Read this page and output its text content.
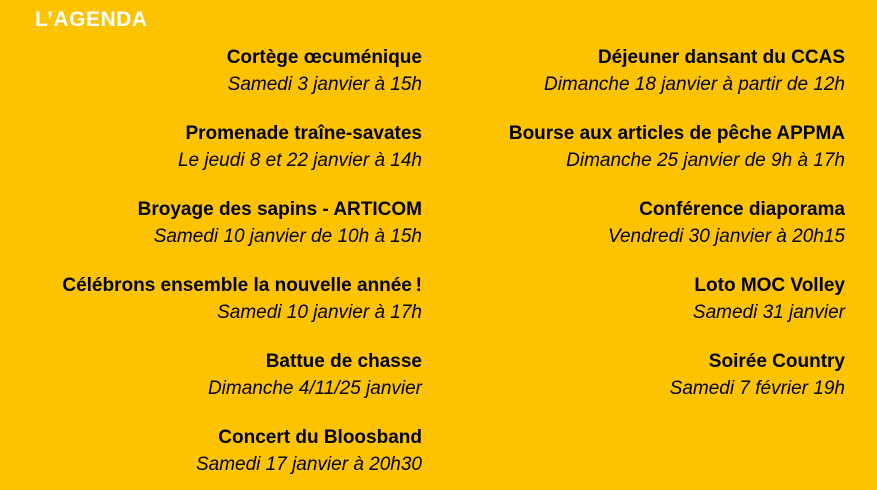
L’AGENDA
Cortège œcuménique
Samedi 3 janvier à 15h
Promenade traîne-savates
Le jeudi 8 et 22 janvier à 14h
Broyage des sapins - ARTICOM
Samedi 10 janvier de 10h à 15h
Célébrons ensemble la nouvelle année !
Samedi 10 janvier à 17h
Battue de chasse
Dimanche 4/11/25 janvier
Concert du Bloosband
Samedi 17 janvier à 20h30
Déjeuner dansant du CCAS
Dimanche 18 janvier à partir de 12h
Bourse aux articles de pêche APPMA
Dimanche 25 janvier de 9h à 17h
Conférence diaporama
Vendredi 30 janvier à 20h15
Loto MOC Volley
Samedi 31 janvier
Soirée Country
Samedi 7 février 19h
